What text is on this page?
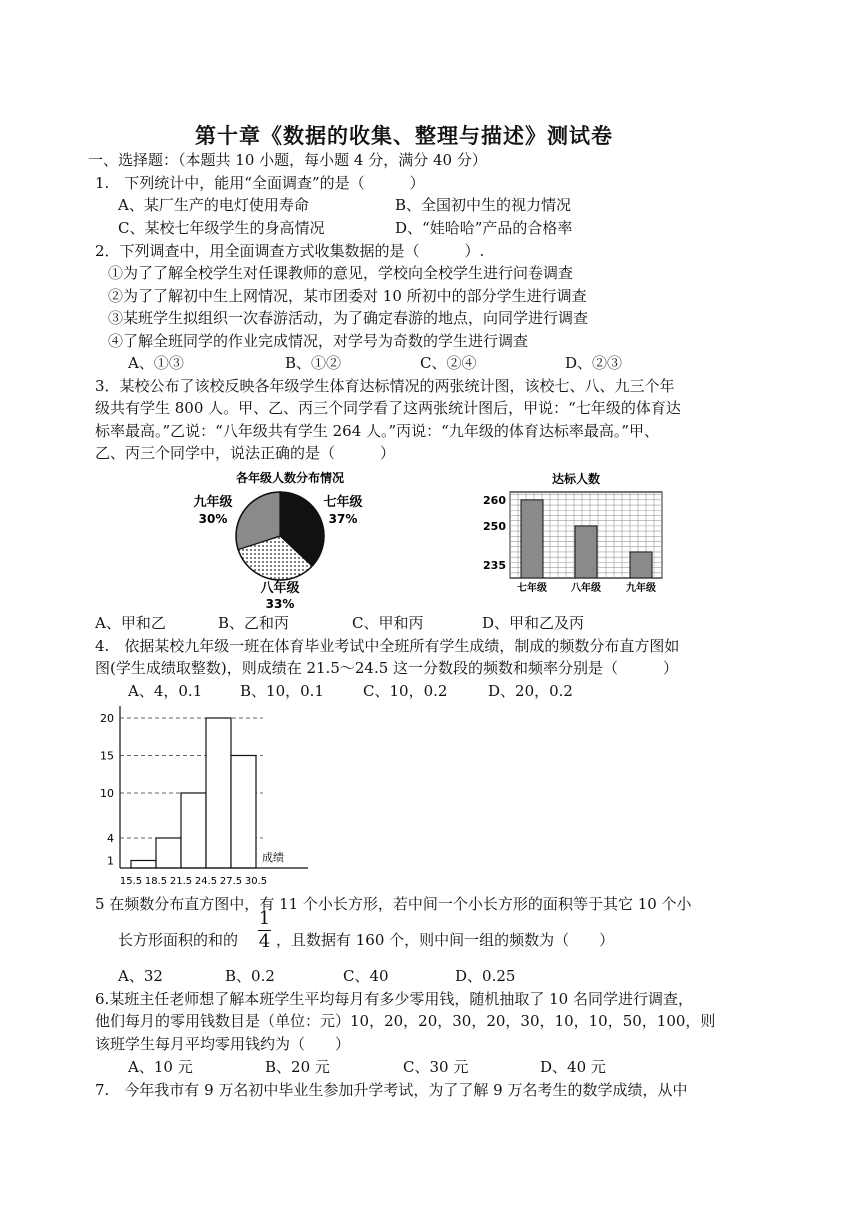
第十章《数据的收集、整理与描述》测试卷
一、选择题：（本题共 10 小题，每小题 4 分，满分 40 分）
1.　下列统计中，能用“全面调查”的是（　　　）
A、某厂生产的电灯使用寿命	B、全国初中生的视力情况
C、某校七年级学生的身高情况	D、“娃哈哈”产品的合格率
2．下列调查中，用全面调查方式收集数据的是（　　　）.
①为了了解全校学生对任课教师的意见，学校向全校学生进行问卷调查
②为了了解初中生上网情况，某市团委对 10 所初中的部分学生进行调查
③某班学生拟组织一次春游活动，为了确定春游的地点，向同学进行调查
④了解全班同学的作业完成情况，对学号为奇数的学生进行调查
A、①③	B、①②	C、②④	D、②③
3．某校公布了该校反映各年级学生体育达标情况的两张统计图，该校七、八、九三个年
级共有学生 800 人。甲、乙、丙三个同学看了这两张统计图后，甲说：“七年级的体育达
标率最高。”乙说：“八年级共有学生 264 人。”丙说：“九年级的体育达标率最高。”甲、
乙、丙三个同学中，说法正确的是（　　　）
各年级人数分布情况
七年级
37%
八年级
33%
九年级
30%
达标人数
235
250
260
七年级 八年级	九年级
A、甲和乙	B、乙和丙	C、甲和丙	D、甲和乙及丙
4.　依据某校九年级一班在体育毕业考试中全班所有学生成绩，制成的频数分布直方图如
图(学生成绩取整数)，则成绩在 21.5～24.5 这一分数段的频数和频率分别是（　　　）
A、4，0.1	B、10，0.1	C、10，0.2	D、20，0.2
1
4
10
15
20
15.5 18.5 21.5 24.5 27.5 30.5
成绩
5 在频数分布直方图中，有 11 个小长方形，若中间一个小长方形的面积等于其它 10 个小
长方形面积的和的
1
4 ，且数据有 160 个，则中间一组的频数为（　　）
A、32	B、0.2	C、40	D、0.25
6.某班主任老师想了解本班学生平均每月有多少零用钱，随机抽取了 10 名同学进行调查，
他们每月的零用钱数目是（单位：元）10，20，20，30，20，30，10，10，50，100，则
该班学生每月平均零用钱约为（　　）
A、10 元	B、20 元	C、30 元	D、40 元
7.　今年我市有 9 万名初中毕业生参加升学考试，为了了解 9 万名考生的数学成绩，从中
